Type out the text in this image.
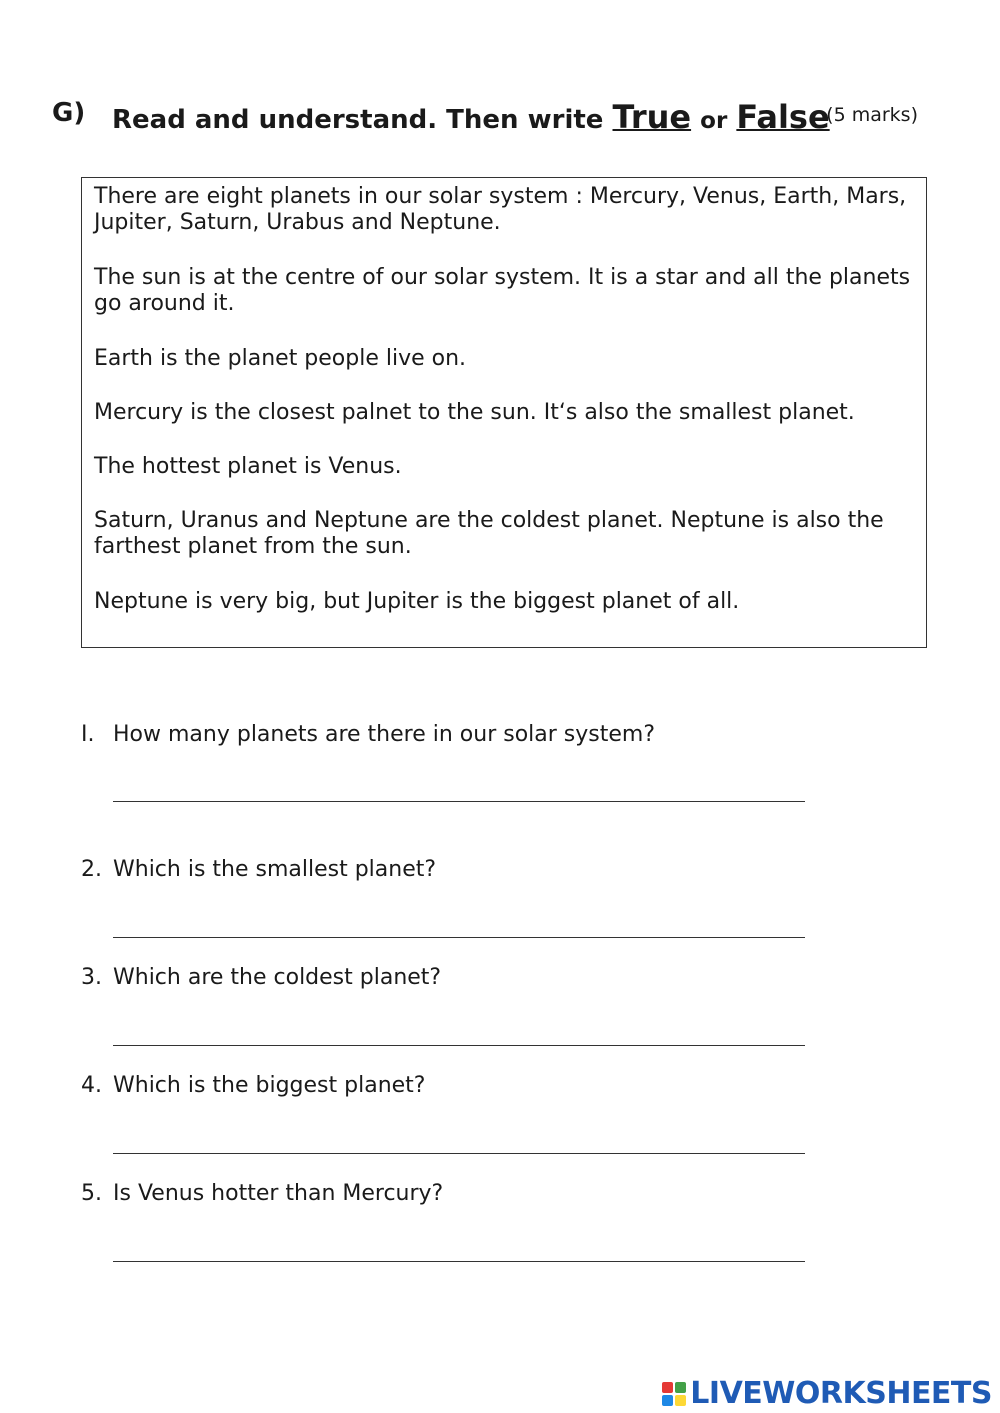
G) Read and understand. Then write True or False
(5 marks)

There are eight planets in our solar system : Mercury, Venus, Earth, Mars, Jupiter, Saturn, Urabus and Neptune.

The sun is at the centre of our solar system. It is a star and all the planets go around it.

Earth is the planet people live on.

Mercury is the closest palnet to the sun. It‘s also the smallest planet.

The hottest planet is Venus.

Saturn, Uranus and Neptune are the coldest planet. Neptune is also the farthest planet from the sun.

Neptune is very big, but Jupiter is the biggest planet of all.

I. How many planets are there in our solar system?
2. Which is the smallest planet?
3. Which are the coldest planet?
4. Which is the biggest planet?
5. Is Venus hotter than Mercury?
LIVEWORKSHEETS
